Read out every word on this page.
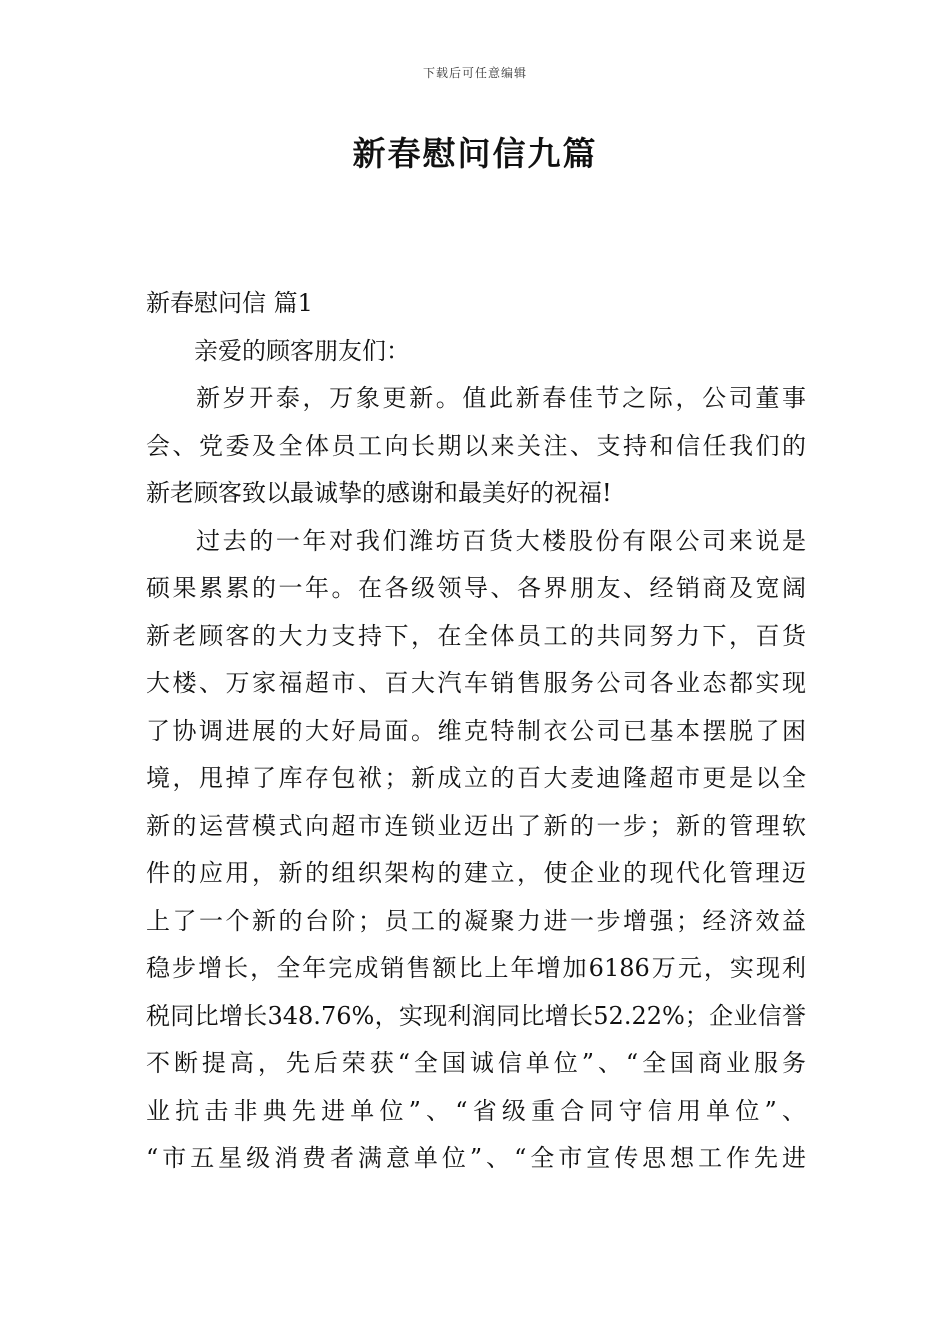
下载后可任意编辑
新春慰问信九篇

新春慰问信 篇1

亲爱的顾客朋友们：

新岁开泰，万象更新。值此新春佳节之际，公司董事
会、党委及全体员工向长期以来关注、支持和信任我们的
新老顾客致以最诚挚的感谢和最美好的祝福!
过去的一年对我们潍坊百货大楼股份有限公司来说是
硕果累累的一年。在各级领导、各界朋友、经销商及宽阔
新老顾客的大力支持下，在全体员工的共同努力下，百货
大楼、万家福超市、百大汽车销售服务公司各业态都实现
了协调进展的大好局面。维克特制衣公司已基本摆脱了困
境，甩掉了库存包袱；新成立的百大麦迪隆超市更是以全
新的运营模式向超市连锁业迈出了新的一步；新的管理软
件的应用，新的组织架构的建立，使企业的现代化管理迈
上了一个新的台阶；员工的凝聚力进一步增强；经济效益
稳步增长，全年完成销售额比上年增加6186万元，实现利
税同比增长348.76%，实现利润同比增长52.22%；企业信誉
不断提高，先后荣获“全国诚信单位”、“全国商业服务
业抗击非典先进单位”、“省级重合同守信用单位”、
“市五星级消费者满意单位”、“全市宣传思想工作先进
